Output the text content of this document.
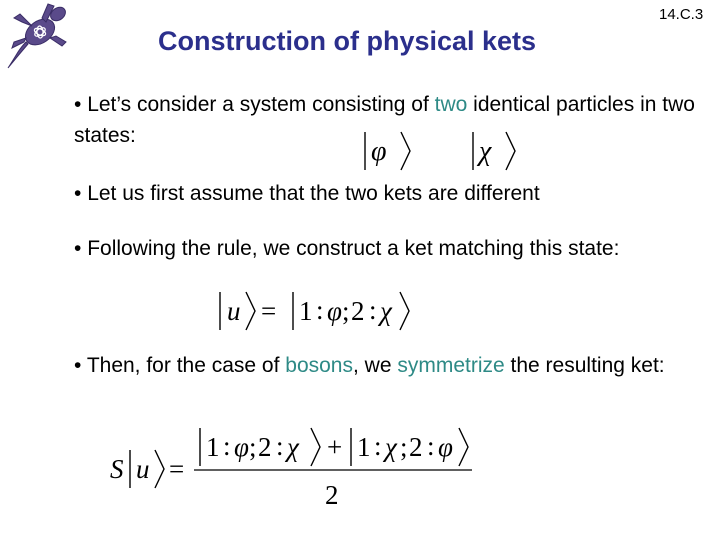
Construction of physical kets
14.C.3
• Let’s consider a system consisting of two identical particles in two states:
φ	χ
• Let us first assume that the two kets are different
• Following the rule, we construct a ket matching this state:
u = 1 : φ ; 2 : χ
• Then, for the case of bosons, we symmetrize the resulting ket:
S u =
1 : φ ; 2 : χ + 1 : χ ; 2 : φ
2
